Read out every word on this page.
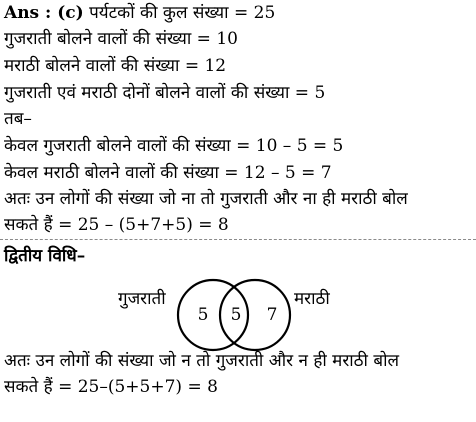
Ans : (c) पर्यटकों की कुल संख्या = 25
गुजराती बोलने वालों की संख्या = 10
मराठी बोलने वालों की संख्या = 12
गुजराती एवं मराठी दोनों बोलने वालों की संख्या = 5
तब–
केवल गुजराती बोलने वालों की संख्या = 10 – 5 = 5
केवल मराठी बोलने वालों की संख्या = 12 – 5 = 7
अतः उन लोगों की संख्या जो ना तो गुजराती और ना ही मराठी बोल
सकते हैं = 25 – (5+7+5) = 8
द्वितीय विधि–
गुजराती	मराठी
5 5 7
अतः उन लोगों की संख्या जो न तो गुजराती और न ही मराठी बोल
सकते हैं = 25–(5+5+7) = 8
